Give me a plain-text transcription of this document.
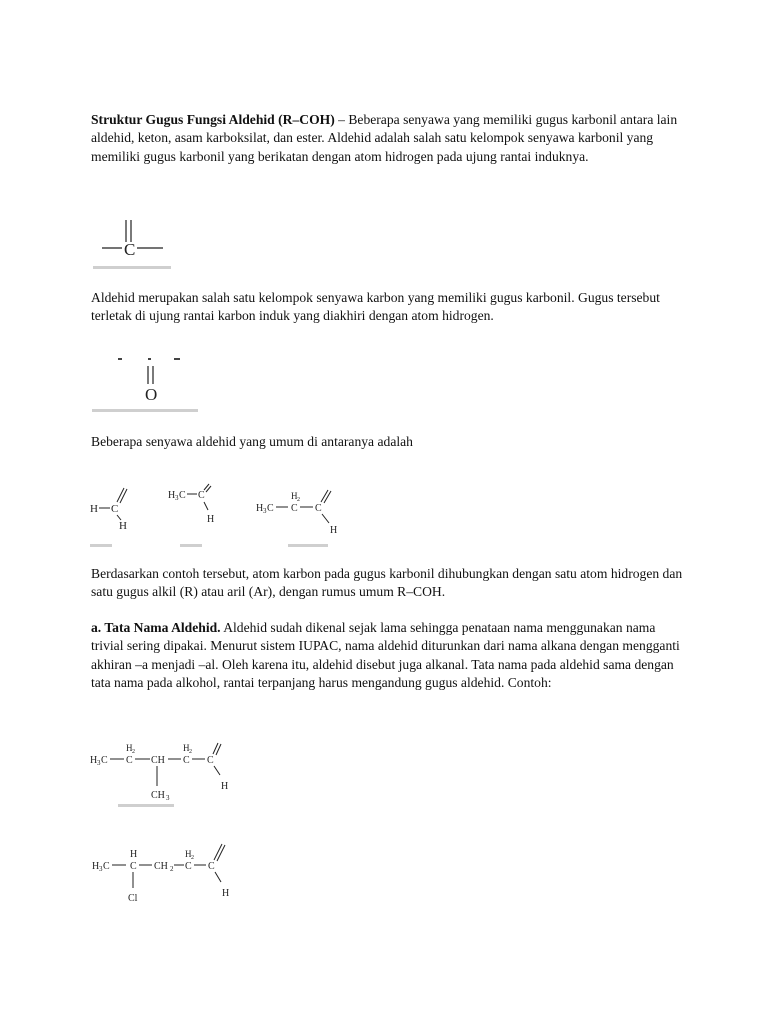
Struktur Gugus Fungsi Aldehid (R–COH) – Beberapa senyawa yang memiliki gugus karbonil antara lain aldehid, keton, asam karboksilat, dan ester. Aldehid adalah salah satu kelompok senyawa karbonil yang memiliki gugus karbonil yang berikatan dengan atom hidrogen pada ujung rantai induknya.

C

Aldehid merupakan salah satu kelompok senyawa karbon yang memiliki gugus karbonil. Gugus tersebut terletak di ujung rantai karbon induk yang diakhiri dengan atom hidrogen.

O

Beberapa senyawa aldehid yang umum di antaranya adalah

H C
H
H 3 C C
H
H 3 C
H 2
C C
H

Berdasarkan contoh tersebut, atom karbon pada gugus karbonil dihubungkan dengan satu atom hidrogen dan satu gugus alkil (R) atau aril (Ar), dengan rumus umum R–COH.

a. Tata Nama Aldehid. Aldehid sudah dikenal sejak lama sehingga penataan nama menggunakan nama trivial sering dipakai. Menurut sistem IUPAC, nama aldehid diturunkan dari nama alkana dengan mengganti akhiran –a menjadi –al. Oleh karena itu, aldehid disebut juga alkanal. Tata nama pada aldehid sama dengan tata nama pada alkohol, rantai terpanjang harus mengandung gugus aldehid. Contoh:

H 3 C
H 2
C CH
CH 3
H 2
C C
H
H 3 C
H
C
Cl
CH 2
H 2
C C
H
